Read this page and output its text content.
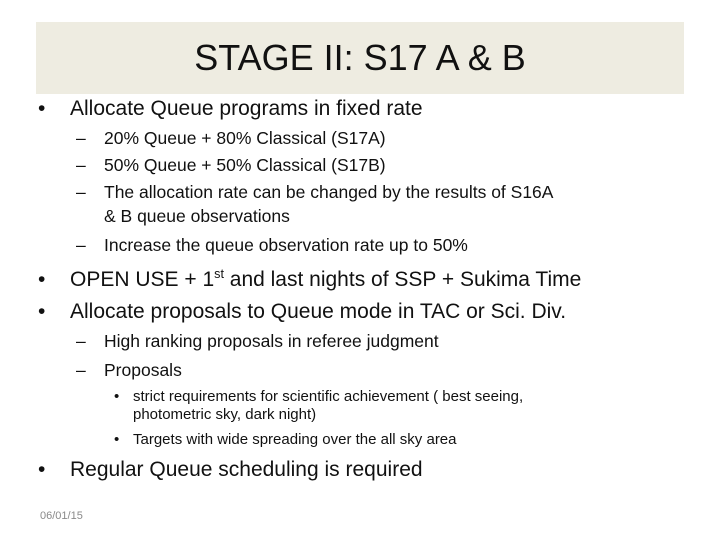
STAGE II: S17 A & B
• Allocate Queue programs in fixed rate
– 20% Queue + 80% Classical (S17A)
– 50% Queue + 50% Classical (S17B)
– The allocation rate can be changed by the results of S16A
& B queue observations
– Increase the queue observation rate up to 50%
• OPEN USE + 1st and last nights of SSP + Sukima Time
• Allocate proposals to Queue mode in TAC or Sci. Div.
– High ranking proposals in referee judgment
– Proposals
• strict requirements for scientific achievement ( best seeing,
photometric sky, dark night)
• Targets with wide spreading over the all sky area
• Regular Queue scheduling is required
06/01/15
